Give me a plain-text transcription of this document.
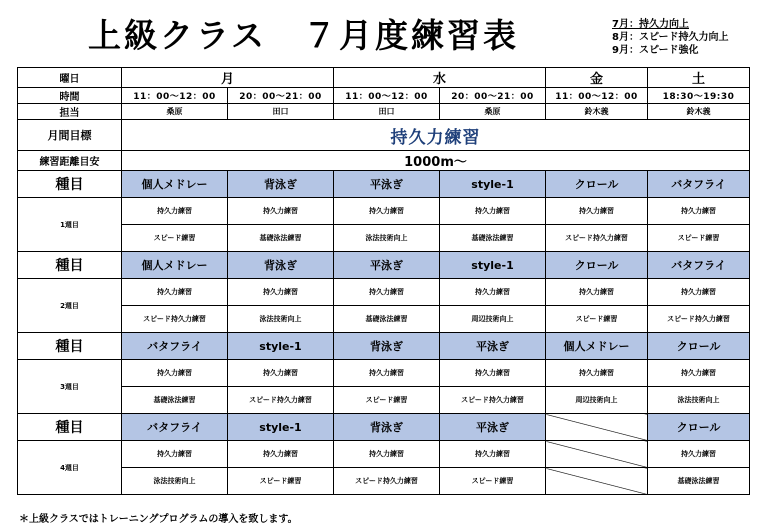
上級クラス　７月度練習表	7月：持久力向上
8月：スピード持久力向上
9月：スピード強化
曜日	月		水		金	土
時間	11：00～12：00	20：00～21：00	11：00～12：00	20：00～21：00	11：00～12：00	18:30～19:30
担当	桑原	田口	田口	桑原	鈴木義	鈴木義
月間目標	持久力練習					
練習距離目安	1000m～					
種目	個人メドレー	背泳ぎ	平泳ぎ	style-1	クロール	バタフライ
1週目	持久力練習	持久力練習	持久力練習	持久力練習	持久力練習	持久力練習
	スピード練習	基礎泳法練習	泳法技術向上	基礎泳法練習	スピード持久力練習	スピード練習
種目	個人メドレー	背泳ぎ	平泳ぎ	style-1	クロール	バタフライ
2週目	持久力練習	持久力練習	持久力練習	持久力練習	持久力練習	持久力練習
	スピード持久力練習	泳法技術向上	基礎泳法練習	周辺技術向上	スピード練習	スピード持久力練習
種目	バタフライ	style-1	背泳ぎ	平泳ぎ	個人メドレー	クロール
3週目	持久力練習	持久力練習	持久力練習	持久力練習	持久力練習	持久力練習
	基礎泳法練習	スピード持久力練習	スピード練習	スピード持久力練習	周辺技術向上	泳法技術向上
種目	バタフライ	style-1	背泳ぎ	平泳ぎ		クロール
4週目	持久力練習	持久力練習	持久力練習	持久力練習		持久力練習
	泳法技術向上	スピード練習	スピード持久力練習	スピード練習		基礎泳法練習
＊上級クラスではトレーニングプログラムの導入を致します。
